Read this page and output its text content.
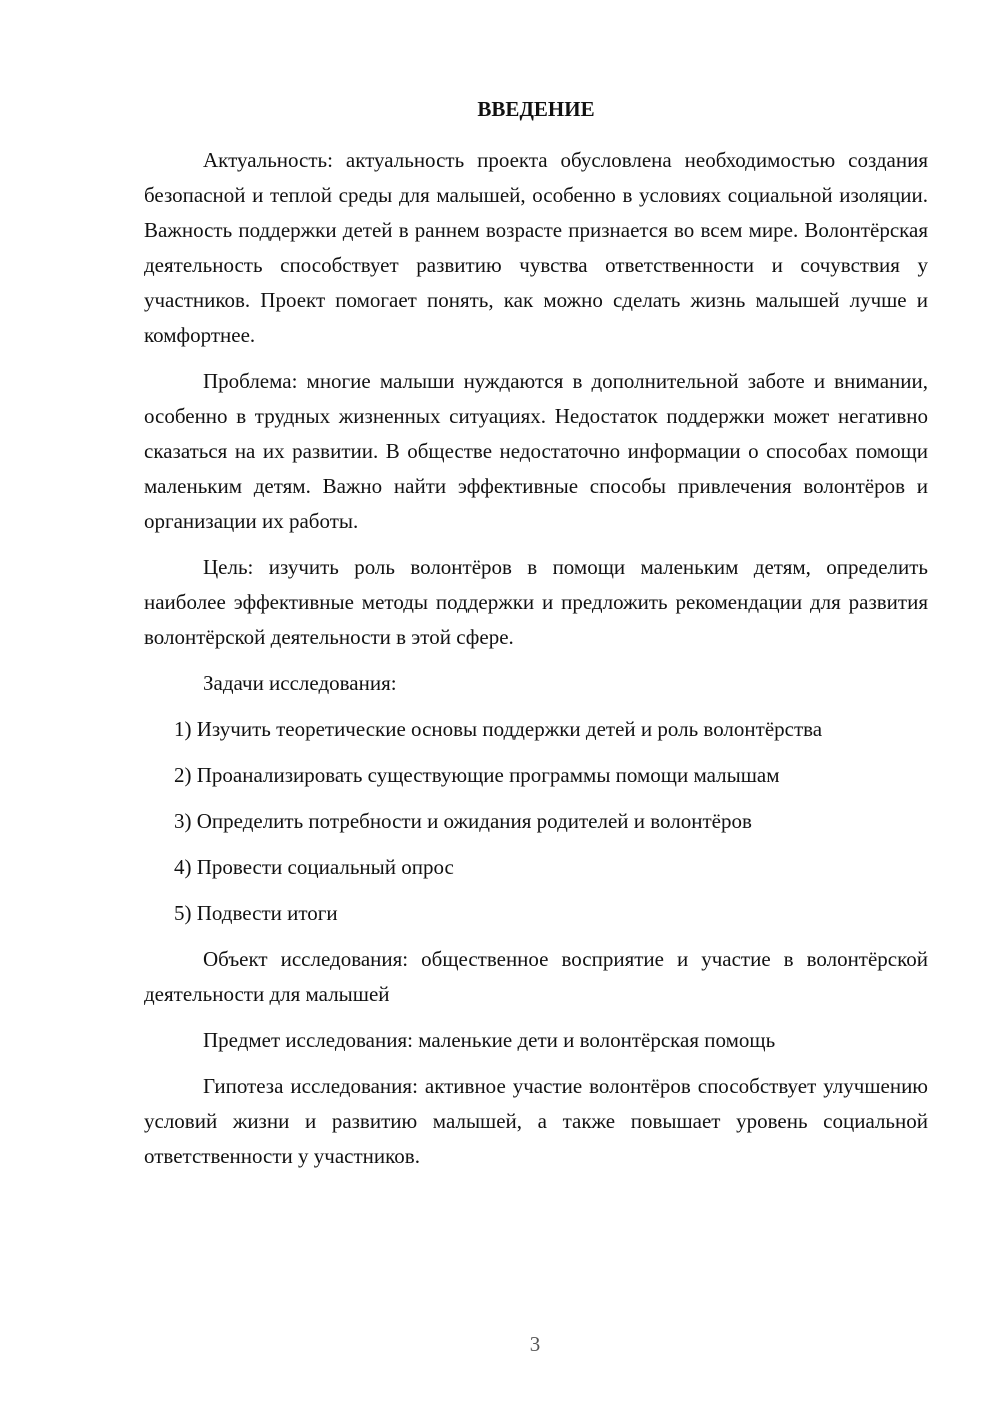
ВВЕДЕНИЕ

Актуальность: актуальность проекта обусловлена необходимостью создания безопасной и теплой среды для малышей, особенно в условиях социальной изоляции. Важность поддержки детей в раннем возрасте признается во всем мире. Волонтёрская деятельность способствует развитию чувства ответственности и сочувствия у участников. Проект помогает понять, как можно сделать жизнь малышей лучше и комфортнее.

Проблема: многие малыши нуждаются в дополнительной заботе и внимании, особенно в трудных жизненных ситуациях. Недостаток поддержки может негативно сказаться на их развитии. В обществе недостаточно информации о способах помощи маленьким детям. Важно найти эффективные способы привлечения волонтёров и организации их работы.

Цель: изучить роль волонтёров в помощи маленьким детям, определить наиболее эффективные методы поддержки и предложить рекомендации для развития волонтёрской деятельности в этой сфере.

Задачи исследования:

1) Изучить теоретические основы поддержки детей и роль волонтёрства

2) Проанализировать существующие программы помощи малышам

3) Определить потребности и ожидания родителей и волонтёров

4) Провести социальный опрос

5) Подвести итоги

Объект исследования: общественное восприятие и участие в волонтёрской деятельности для малышей

Предмет исследования: маленькие дети и волонтёрская помощь

Гипотеза исследования: активное участие волонтёров способствует улучшению условий жизни и развитию малышей, а также повышает уровень социальной ответственности у участников.

3
